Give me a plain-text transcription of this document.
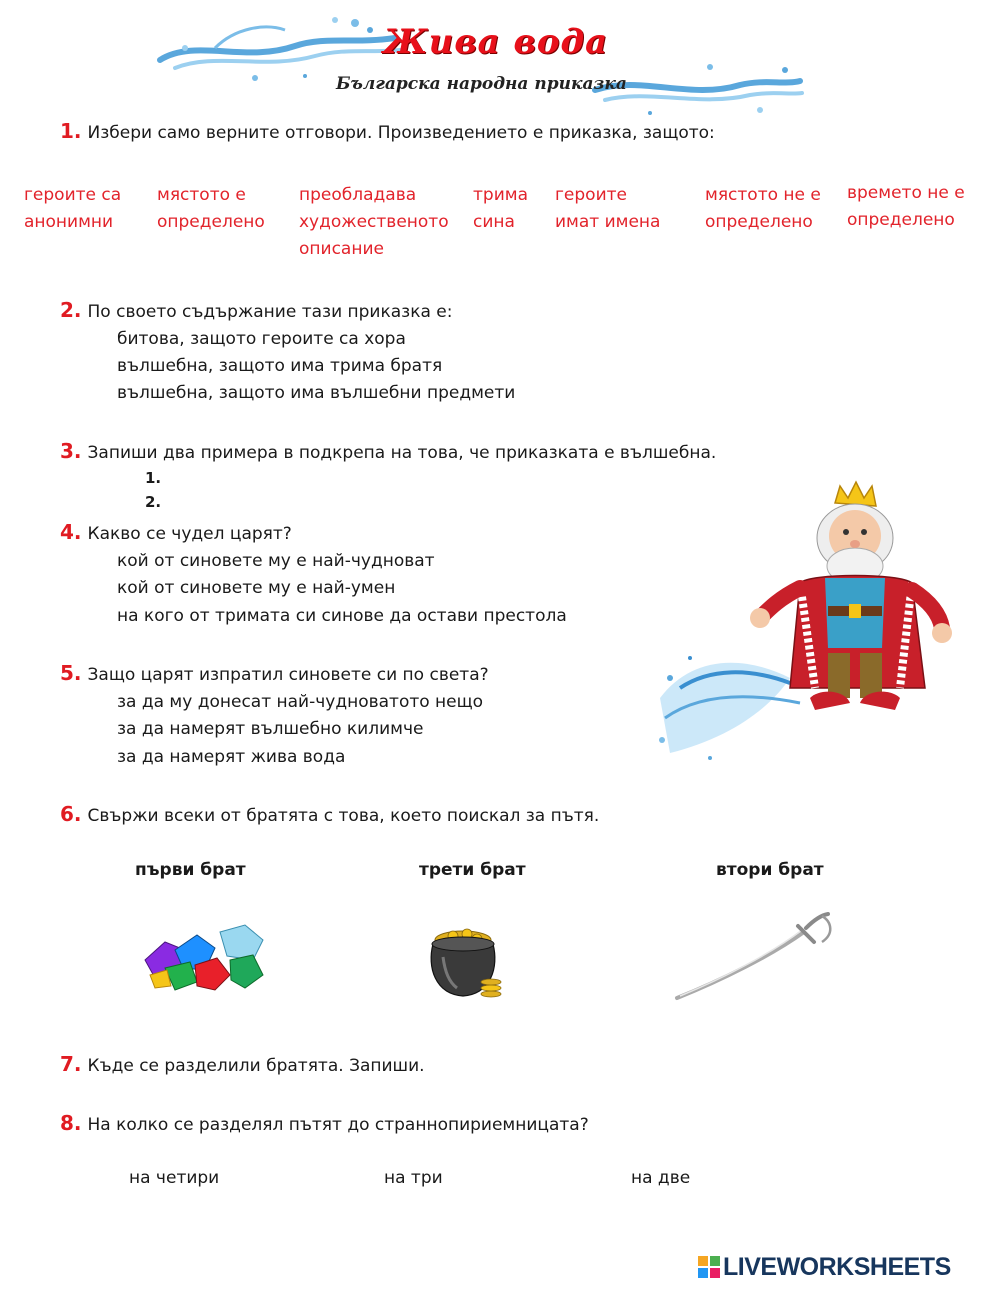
Жива вода
Българска народна приказка
1. Избери само верните отговори. Произведението е приказка, защото:
героите са
анонимни
мястото е
определено
преобладава
художественото
описание
трима
сина
героите
имат имена
мястото не е
определено
времето не е
определено
2. По своето съдържание тази приказка е:
битова, защото героите са хора
вълшебна, защото има трима братя
вълшебна, защото има вълшебни предмети
3. Запиши два примера в подкрепа на това, че приказката е вълшебна.
1.
2.
4. Какво се чудел царят?
кой от синовете му е най-чудноват
кой от синовете му е най-умен
на кого от тримата си синове да остави престола
5. Защо царят изпратил синовете си по света?
за да му донесат най-чудноватото нещо
за да намерят вълшебно килимче
за да намерят жива вода
6. Свържи всеки от братята с това, което поискал за пътя.
първи брат	трети брат	втори брат
7. Къде се разделили братята. Запиши.
8. На колко се разделял пътят до страннопириемницата?
на четири	на три	на две
LIVEWORKSHEETS
